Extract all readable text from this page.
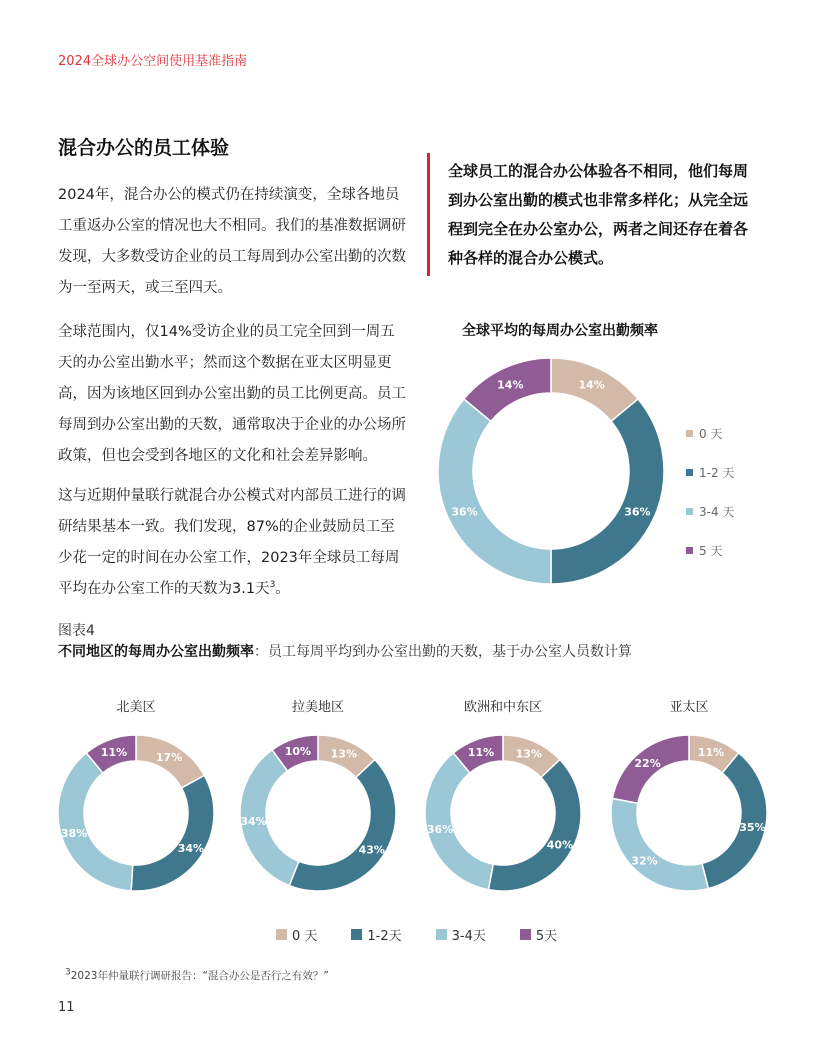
2024全球办公空间使用基准指南
混合办公的员工体验

2024年，混合办公的模式仍在持续演变，全球各地员工重返办公室的情况也大不相同。我们的基准数据调研发现，大多数受访企业的员工每周到办公室出勤的次数为一至两天，或三至四天。

全球范围内，仅14%受访企业的员工完全回到一周五天的办公室出勤水平；然而这个数据在亚太区明显更高，因为该地区回到办公室出勤的员工比例更高。员工每周到办公室出勤的天数，通常取决于企业的办公场所政策，但也会受到各地区的文化和社会差异影响。

这与近期仲量联行就混合办公模式对内部员工进行的调研结果基本一致。我们发现，87%的企业鼓励员工至少花一定的时间在办公室工作，2023年全球员工每周平均在办公室工作的天数为3.1天$^3$。

全球员工的混合办公体验各不相同，他们每周到办公室出勤的模式也非常多样化；从完全远程到完全在办公室办公，两者之间还存在着各种各样的混合办公模式。

全球平均的每周办公室出勤频率
14%
36%
36%
14%
0 天
1-2 天
3-4 天
5 天
图表4
不同地区的每周办公室出勤频率：员工每周平均到办公室出勤的天数，基于办公室人员数计算
北美区	拉美地区	欧洲和中东区	亚太区
17%
34%
38%
11%	13%
43%
34%
10%	13%
40%
36%
11%	11%
35%
32%
22%
0 天	1-2天	3-4天	5天
$^3$2023年仲量联行调研报告：“混合办公是否行之有效？”
11
